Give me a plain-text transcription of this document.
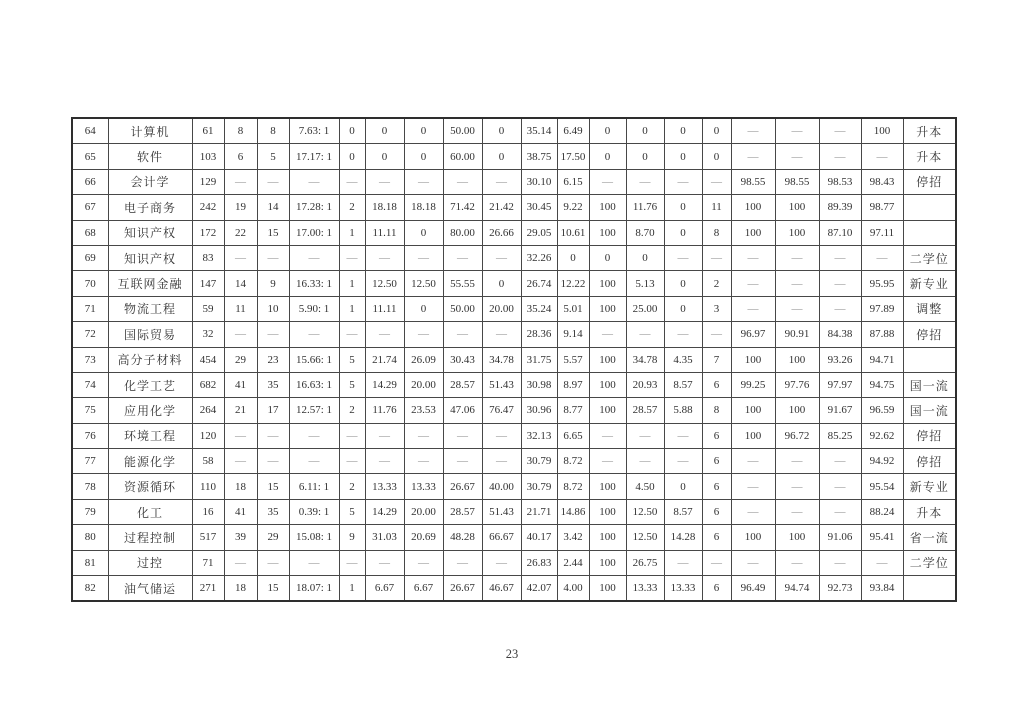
64	计算机	61	8	8	7.63: 1	0	0	0	50.00	0	35.14	6.49	0	0	0	0	—	—	—	100	升本
65	软件	103	6	5	17.17: 1	0	0	0	60.00	0	38.75	17.50	0	0	0	0	—	—	—	—	升本
66	会计学	129	—	—	—	—	—	—	—	—	30.10	6.15	—	—	—	—	98.55	98.55	98.53	98.43	停招
67	电子商务	242	19	14	17.28: 1	2	18.18	18.18	71.42	21.42	30.45	9.22	100	11.76	0	11	100	100	89.39	98.77	
68	知识产权	172	22	15	17.00: 1	1	11.11	0	80.00	26.66	29.05	10.61	100	8.70	0	8	100	100	87.10	97.11	
69	知识产权	83	—	—	—	—	—	—	—	—	32.26	0	0	0	—	—	—	—	—	—	二学位
70	互联网金融	147	14	9	16.33: 1	1	12.50	12.50	55.55	0	26.74	12.22	100	5.13	0	2	—	—	—	95.95	新专业
71	物流工程	59	11	10	5.90: 1	1	11.11	0	50.00	20.00	35.24	5.01	100	25.00	0	3	—	—	—	97.89	调整
72	国际贸易	32	—	—	—	—	—	—	—	—	28.36	9.14	—	—	—	—	96.97	90.91	84.38	87.88	停招
73	高分子材料	454	29	23	15.66: 1	5	21.74	26.09	30.43	34.78	31.75	5.57	100	34.78	4.35	7	100	100	93.26	94.71	
74	化学工艺	682	41	35	16.63: 1	5	14.29	20.00	28.57	51.43	30.98	8.97	100	20.93	8.57	6	99.25	97.76	97.97	94.75	国一流
75	应用化学	264	21	17	12.57: 1	2	11.76	23.53	47.06	76.47	30.96	8.77	100	28.57	5.88	8	100	100	91.67	96.59	国一流
76	环境工程	120	—	—	—	—	—	—	—	—	32.13	6.65	—	—	—	6	100	96.72	85.25	92.62	停招
77	能源化学	58	—	—	—	—	—	—	—	—	30.79	8.72	—	—	—	6	—	—	—	94.92	停招
78	资源循环	110	18	15	6.11: 1	2	13.33	13.33	26.67	40.00	30.79	8.72	100	4.50	0	6	—	—	—	95.54	新专业
79	化工	16	41	35	0.39: 1	5	14.29	20.00	28.57	51.43	21.71	14.86	100	12.50	8.57	6	—	—	—	88.24	升本
80	过程控制	517	39	29	15.08: 1	9	31.03	20.69	48.28	66.67	40.17	3.42	100	12.50	14.28	6	100	100	91.06	95.41	省一流
81	过控	71	—	—	—	—	—	—	—	—	26.83	2.44	100	26.75	—	—	—	—	—	—	二学位
82	油气储运	271	18	15	18.07: 1	1	6.67	6.67	26.67	46.67	42.07	4.00	100	13.33	13.33	6	96.49	94.74	92.73	93.84	
23
